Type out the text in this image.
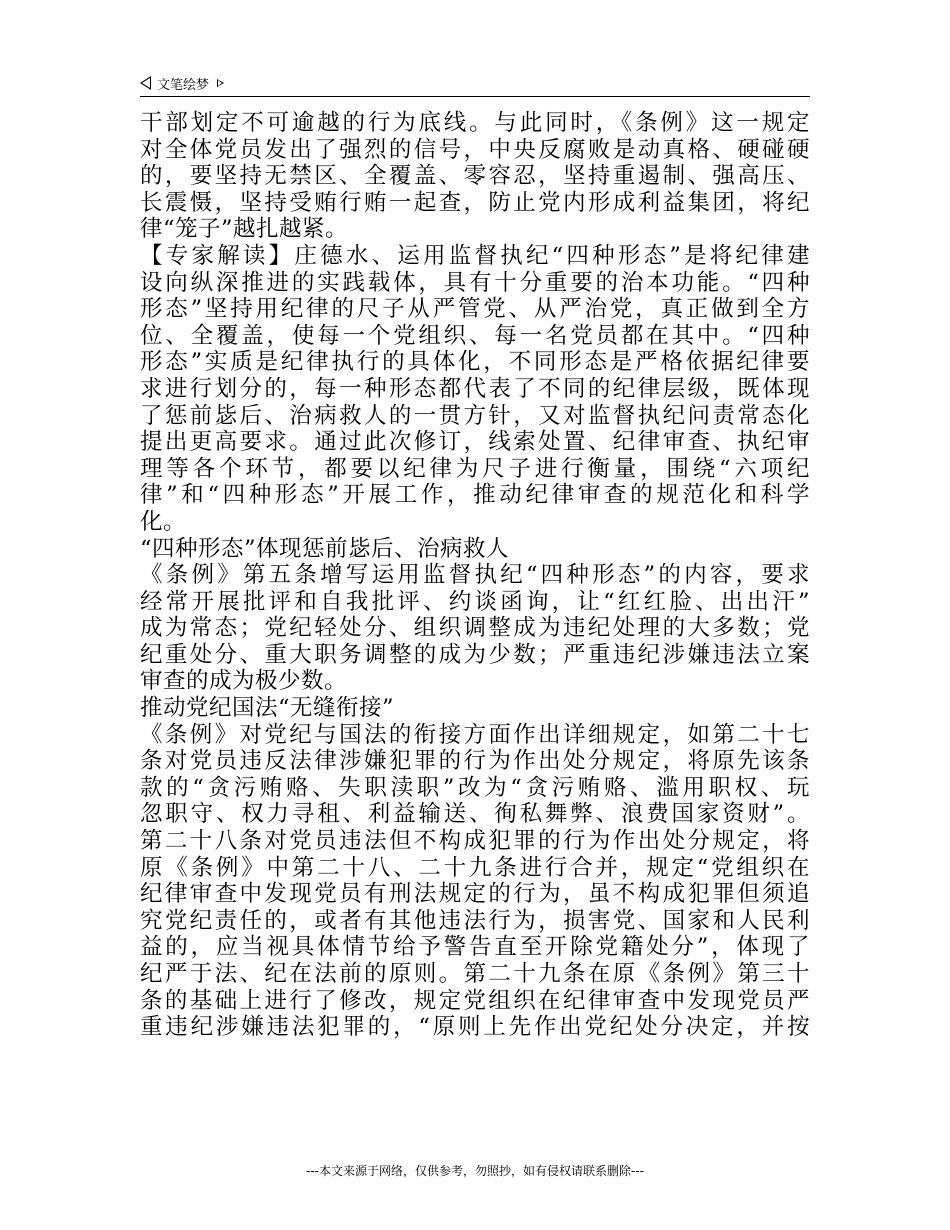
文笔绘梦
干部划定不可逾越的行为底线。与此同时，《条例》这一规定
对全体党员发出了强烈的信号，中央反腐败是动真格、硬碰硬
的，要坚持无禁区、全覆盖、零容忍，坚持重遏制、强高压、
长震慑，坚持受贿行贿一起查，防止党内形成利益集团，将纪
律“笼子”越扎越紧。
【专家解读】庄德水、运用监督执纪“四种形态”是将纪律建
设向纵深推进的实践载体，具有十分重要的治本功能。“四种
形态”坚持用纪律的尺子从严管党、从严治党，真正做到全方
位、全覆盖，使每一个党组织、每一名党员都在其中。“四种
形态”实质是纪律执行的具体化，不同形态是严格依据纪律要
求进行划分的，每一种形态都代表了不同的纪律层级，既体现
了惩前毖后、治病救人的一贯方针，又对监督执纪问责常态化
提出更高要求。通过此次修订，线索处置、纪律审查、执纪审
理等各个环节，都要以纪律为尺子进行衡量，围绕“六项纪
律”和“四种形态”开展工作，推动纪律审查的规范化和科学
化。
“四种形态”体现惩前毖后、治病救人
《条例》第五条增写运用监督执纪“四种形态”的内容，要求
经常开展批评和自我批评、约谈函询，让“红红脸、出出汗”
成为常态；党纪轻处分、组织调整成为违纪处理的大多数；党
纪重处分、重大职务调整的成为少数；严重违纪涉嫌违法立案
审查的成为极少数。
推动党纪国法“无缝衔接”
《条例》对党纪与国法的衔接方面作出详细规定，如第二十七
条对党员违反法律涉嫌犯罪的行为作出处分规定，将原先该条
款的“贪污贿赂、失职渎职”改为“贪污贿赂、滥用职权、玩
忽职守、权力寻租、利益输送、徇私舞弊、浪费国家资财”。
第二十八条对党员违法但不构成犯罪的行为作出处分规定，将
原《条例》中第二十八、二十九条进行合并，规定“党组织在
纪律审查中发现党员有刑法规定的行为，虽不构成犯罪但须追
究党纪责任的，或者有其他违法行为，损害党、国家和人民利
益的，应当视具体情节给予警告直至开除党籍处分”，体现了
纪严于法、纪在法前的原则。第二十九条在原《条例》第三十
条的基础上进行了修改，规定党组织在纪律审查中发现党员严
重违纪涉嫌违法犯罪的，“原则上先作出党纪处分决定，并按
---本文来源于网络，仅供参考，勿照抄，如有侵权请联系删除---
